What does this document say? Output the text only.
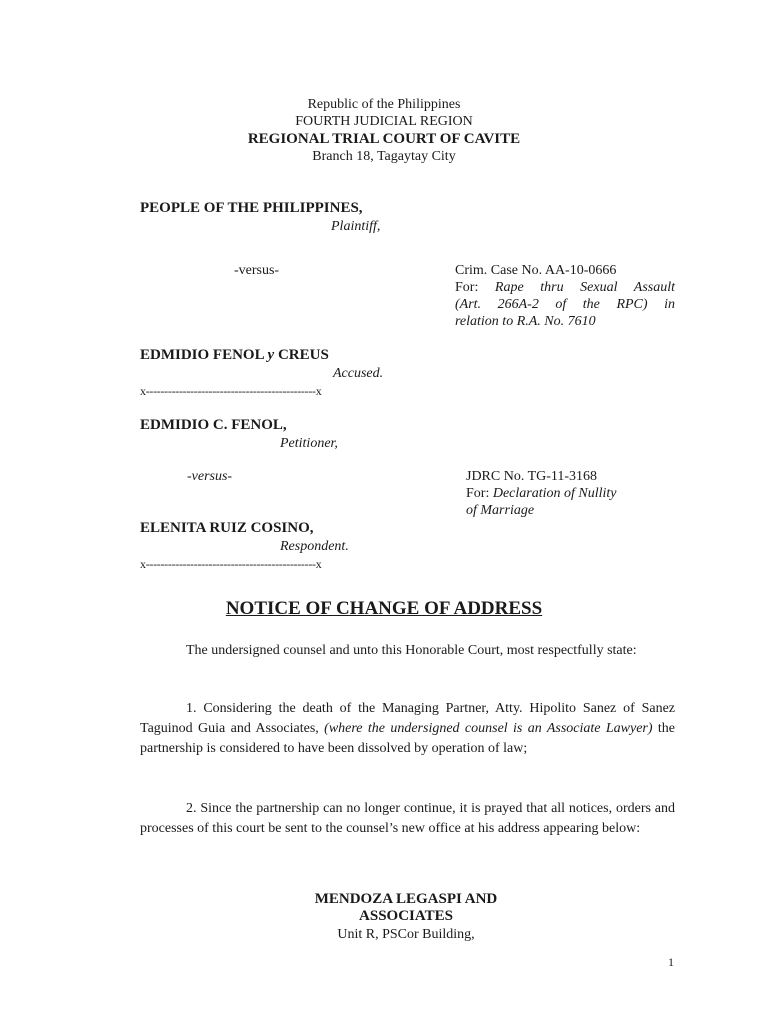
Republic of the Philippines
FOURTH JUDICIAL REGION
REGIONAL TRIAL COURT OF CAVITE
Branch 18, Tagaytay City
PEOPLE OF THE PHILIPPINES,
Plaintiff,
-versus-	Crim. Case No. AA-10-0666
For: Rape thru Sexual Assault
(Art. 266A-2 of the RPC) in
relation to R.A. No. 7610
EDMIDIO FENOL y CREUS
Accused.
x----------------------------------------------x
EDMIDIO C. FENOL,
Petitioner,
-versus-	JDRC No. TG-11-3168
For: Declaration of Nullity
of Marriage
ELENITA RUIZ COSINO,
Respondent.
x----------------------------------------------x
NOTICE OF CHANGE OF ADDRESS
The undersigned counsel and unto this Honorable Court, most respectfully state:
1. Considering the death of the Managing Partner, Atty. Hipolito Sanez of Sanez Taguinod Guia and Associates, (where the undersigned counsel is an Associate Lawyer) the partnership is considered to have been dissolved by operation of law;
2. Since the partnership can no longer continue, it is prayed that all notices, orders and processes of this court be sent to the counsel’s new office at his address appearing below:
MENDOZA LEGASPI AND
ASSOCIATES
Unit R, PSCor Building,
1
